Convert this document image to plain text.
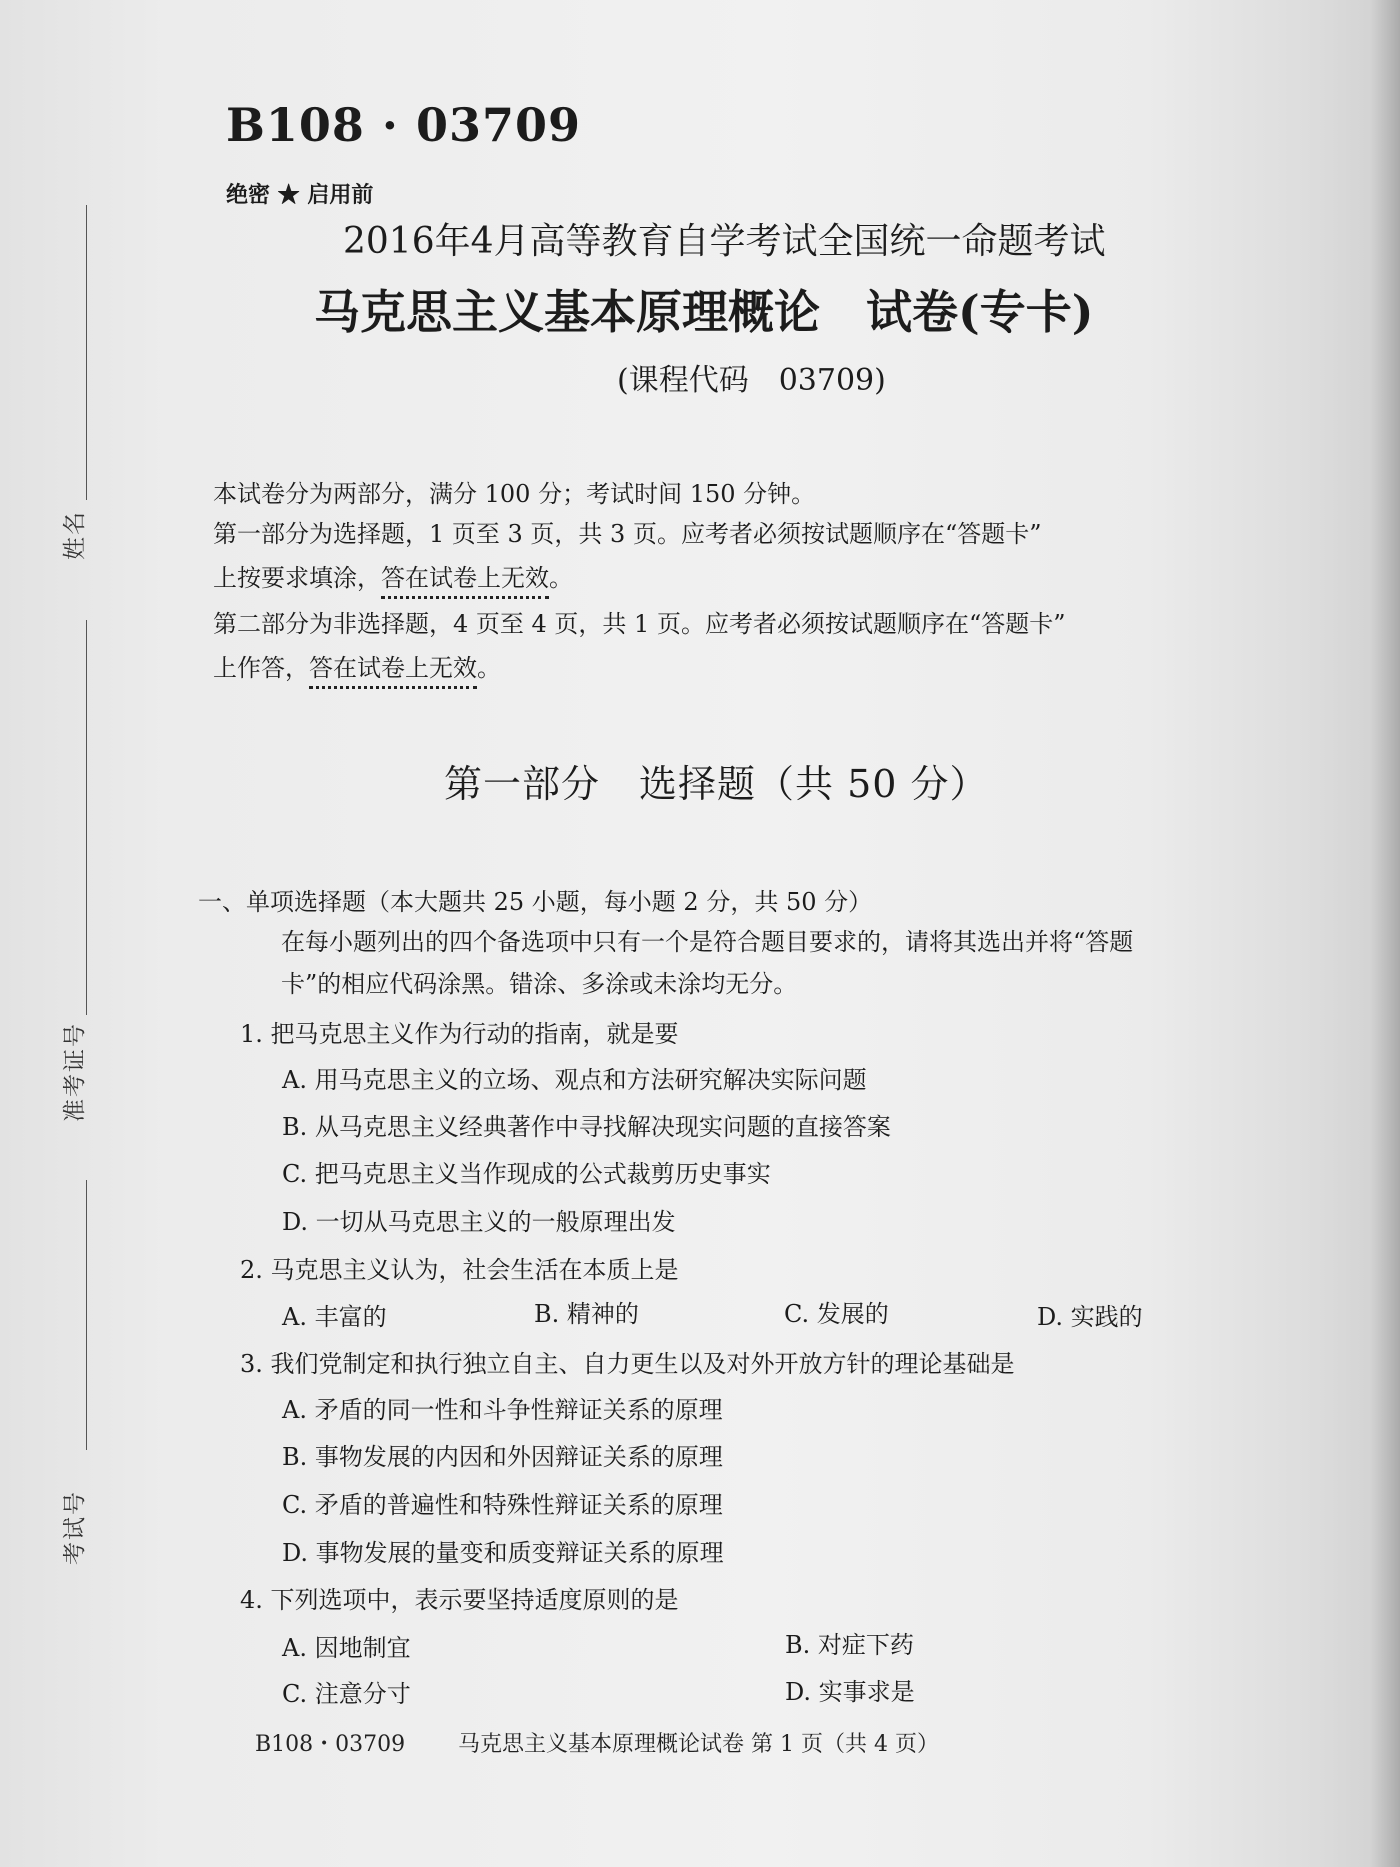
姓名
准考证号
考试号
B108 · 03709
绝密 ★ 启用前
2016年4月高等教育自学考试全国统一命题考试
马克思主义基本原理概论　试卷(专卡)
(课程代码　03709)
本试卷分为两部分，满分 100 分；考试时间 150 分钟。
第一部分为选择题，1 页至 3 页，共 3 页。应考者必须按试题顺序在“答题卡”
上按要求填涂，答在试卷上无效。
第二部分为非选择题，4 页至 4 页，共 1 页。应考者必须按试题顺序在“答题卡”
上作答，答在试卷上无效。
第一部分　选择题（共 50 分）
一、单项选择题（本大题共 25 小题，每小题 2 分，共 50 分）
在每小题列出的四个备选项中只有一个是符合题目要求的，请将其选出并将“答题
卡”的相应代码涂黑。错涂、多涂或未涂均无分。
1. 把马克思主义作为行动的指南，就是要
A. 用马克思主义的立场、观点和方法研究解决实际问题
B. 从马克思主义经典著作中寻找解决现实问题的直接答案
C. 把马克思主义当作现成的公式裁剪历史事实
D. 一切从马克思主义的一般原理出发
2. 马克思主义认为，社会生活在本质上是
A. 丰富的	B. 精神的	C. 发展的	D. 实践的
3. 我们党制定和执行独立自主、自力更生以及对外开放方针的理论基础是
A. 矛盾的同一性和斗争性辩证关系的原理
B. 事物发展的内因和外因辩证关系的原理
C. 矛盾的普遍性和特殊性辩证关系的原理
D. 事物发展的量变和质变辩证关系的原理
4. 下列选项中，表示要坚持适度原则的是
A. 因地制宜	B. 对症下药
C. 注意分寸	D. 实事求是
B108・03709 马克思主义基本原理概论试卷 第 1 页（共 4 页）
